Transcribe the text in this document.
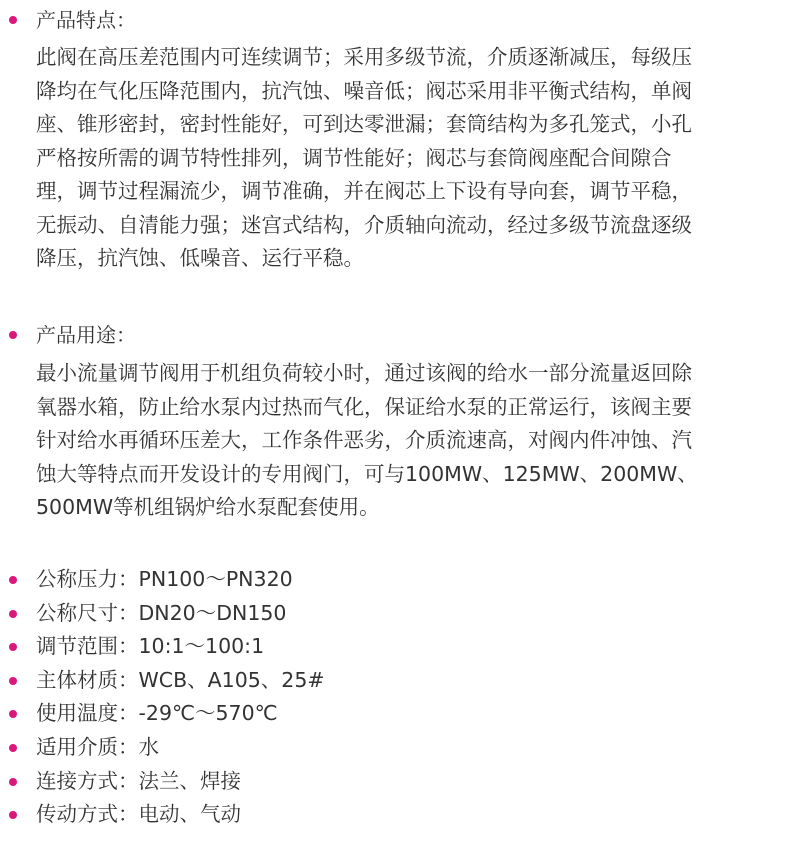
产品特点：
此阀在高压差范围内可连续调节；采用多级节流，介质逐渐减压，每级压
降均在气化压降范围内，抗汽蚀、噪音低；阀芯采用非平衡式结构，单阀
座、锥形密封，密封性能好，可到达零泄漏；套筒结构为多孔笼式，小孔
严格按所需的调节特性排列，调节性能好；阀芯与套筒阀座配合间隙合
理，调节过程漏流少，调节准确，并在阀芯上下设有导向套，调节平稳，
无振动、自清能力强；迷宫式结构，介质轴向流动，经过多级节流盘逐级
降压，抗汽蚀、低噪音、运行平稳。
产品用途：
最小流量调节阀用于机组负荷较小时，通过该阀的给水一部分流量返回除
氧器水箱，防止给水泵内过热而气化，保证给水泵的正常运行，该阀主要
针对给水再循环压差大，工作条件恶劣，介质流速高，对阀内件冲蚀、汽
蚀大等特点而开发设计的专用阀门，可与100MW、125MW、200MW、
500MW等机组锅炉给水泵配套使用。
公称压力：PN100～PN320
公称尺寸：DN20～DN150
调节范围：10:1～100:1
主体材质：WCB、A105、25#
使用温度：-29℃～570℃
适用介质：水
连接方式：法兰、焊接
传动方式：电动、气动
